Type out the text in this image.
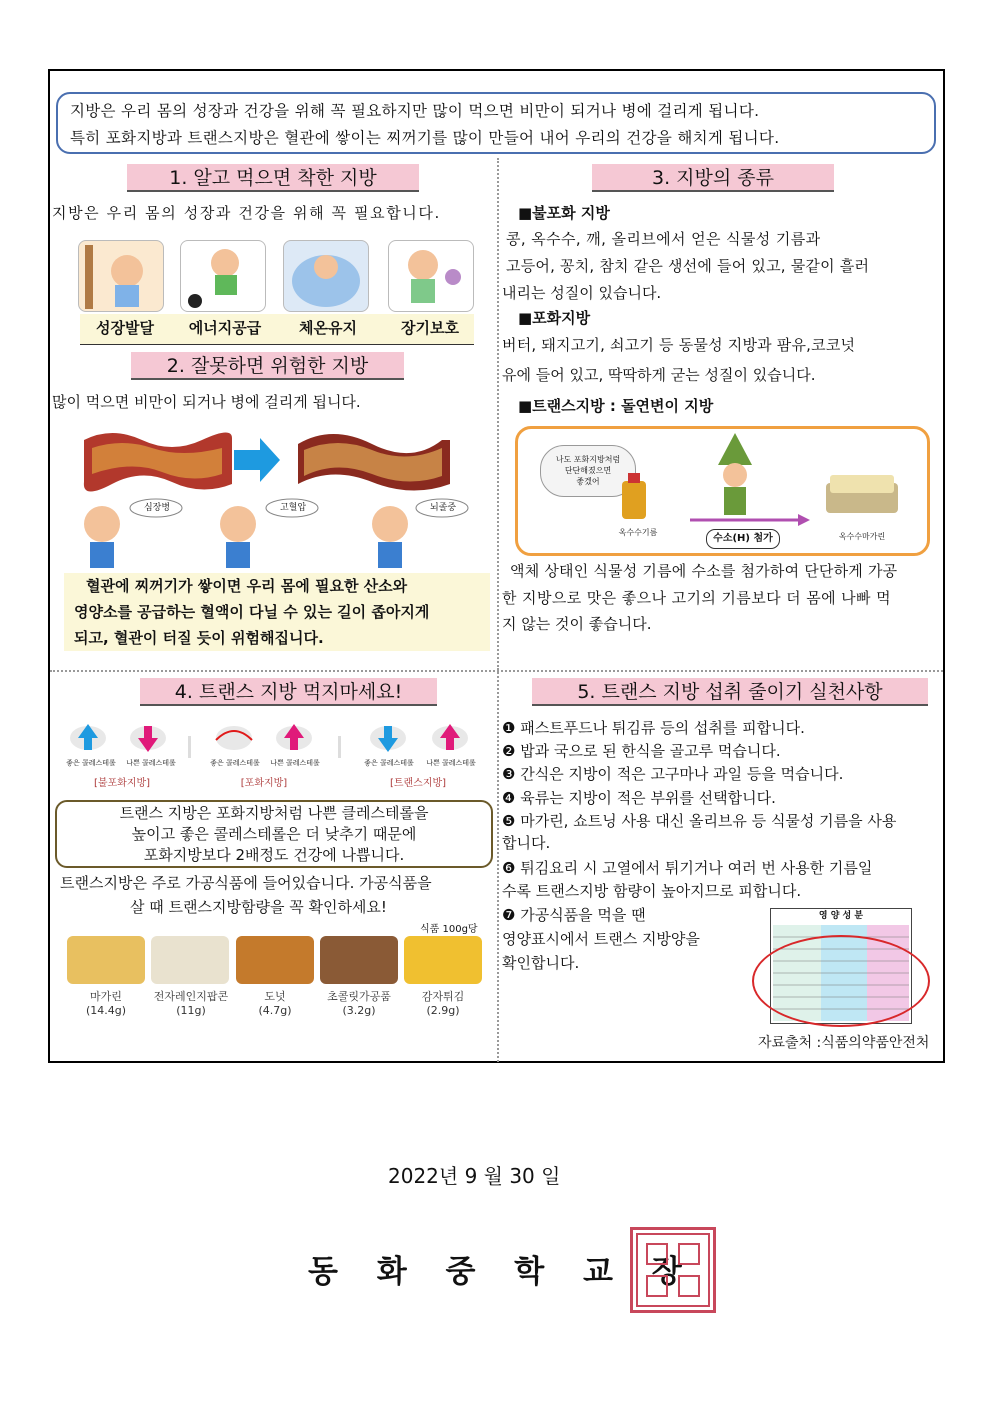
지방은 우리 몸의 성장과 건강을 위해 꼭 필요하지만 많이 먹으면 비만이 되거나 병에 걸리게 됩니다.
특히 포화지방과 트랜스지방은 혈관에 쌓이는 찌꺼기를 많이 만들어 내어 우리의 건강을 해치게 됩니다.
1. 알고 먹으면 착한 지방
지방은 우리 몸의 성장과 건강을 위해 꼭 필요합니다.
성장발달	에너지공급	체온유지	장기보호
2. 잘못하면 위험한 지방
많이 먹으면 비만이 되거나 병에 걸리게 됩니다.
심장병	고혈압	뇌졸중
혈관에 찌꺼기가 쌓이면 우리 몸에 필요한 산소와
영양소를 공급하는 혈액이 다닐 수 있는 길이 좁아지게
되고, 혈관이 터질 듯이 위험해집니다.
3. 지방의 종류
■불포화 지방
콩, 옥수수, 깨, 올리브에서 얻은 식물성 기름과
고등어, 꽁치, 참치 같은 생선에 들어 있고, 물같이 흘러
내리는 성질이 있습니다.
■포화지방
버터, 돼지고기, 쇠고기 등 동물성 지방과 팜유,코코넛
유에 들어 있고, 딱딱하게 굳는 성질이 있습니다.
■트랜스지방 : 돌연변이 지방
나도 포화지방처럼
단단해졌으면
좋겠어
옥수수기름
수소(H) 첨가	옥수수마가린
액체 상태인 식물성 기름에 수소를 첨가하여 단단하게 가공
한 지방으로 맛은 좋으나 고기의 기름보다 더 몸에 나빠 먹
지 않는 것이 좋습니다.
4. 트랜스 지방 먹지마세요!
좋은 콜레스테롤	나쁜 콜레스테롤	좋은 콜레스테롤	나쁜 콜레스테롤	좋은 콜레스테롤	나쁜 콜레스테롤
[불포화지방]	[포화지방]	[트랜스지방]
트랜스 지방은 포화지방처럼 나쁜 클레스테롤을
높이고 좋은 콜레스테롤은 더 낮추기 때문에
포화지방보다 2배정도 건강에 나쁩니다.
트랜스지방은 주로 가공식품에 들어있습니다. 가공식품을
살 때 트랜스지방함량을 꼭 확인하세요!
식품 100g당
마가린
(14.4g)
전자레인지팝콘
(11g)
도넛
(4.7g)
초콜릿가공품
(3.2g)
감자튀김
(2.9g)
5. 트랜스 지방 섭취 줄이기 실천사항
❶ 패스트푸드나 튀김류 등의 섭취를 피합니다.
❷ 밥과 국으로 된 한식을 골고루 먹습니다.
❸ 간식은 지방이 적은 고구마나 과일 등을 먹습니다.
❹ 육류는 지방이 적은 부위를 선택합니다.
❺ 마가린, 쇼트닝 사용 대신 올리브유 등 식물성 기름을 사용
합니다.
❻ 튀김요리 시 고열에서 튀기거나 여러 번 사용한 기름일
수록 트랜스지방 함량이 높아지므로 피합니다.
❼ 가공식품을 먹을 땐
영양표시에서 트랜스 지방양을
확인합니다.
영 양 성 분
자료출처 :식품의약품안전처
2022년 9 월 30 일
동 화 중 학 교 장
